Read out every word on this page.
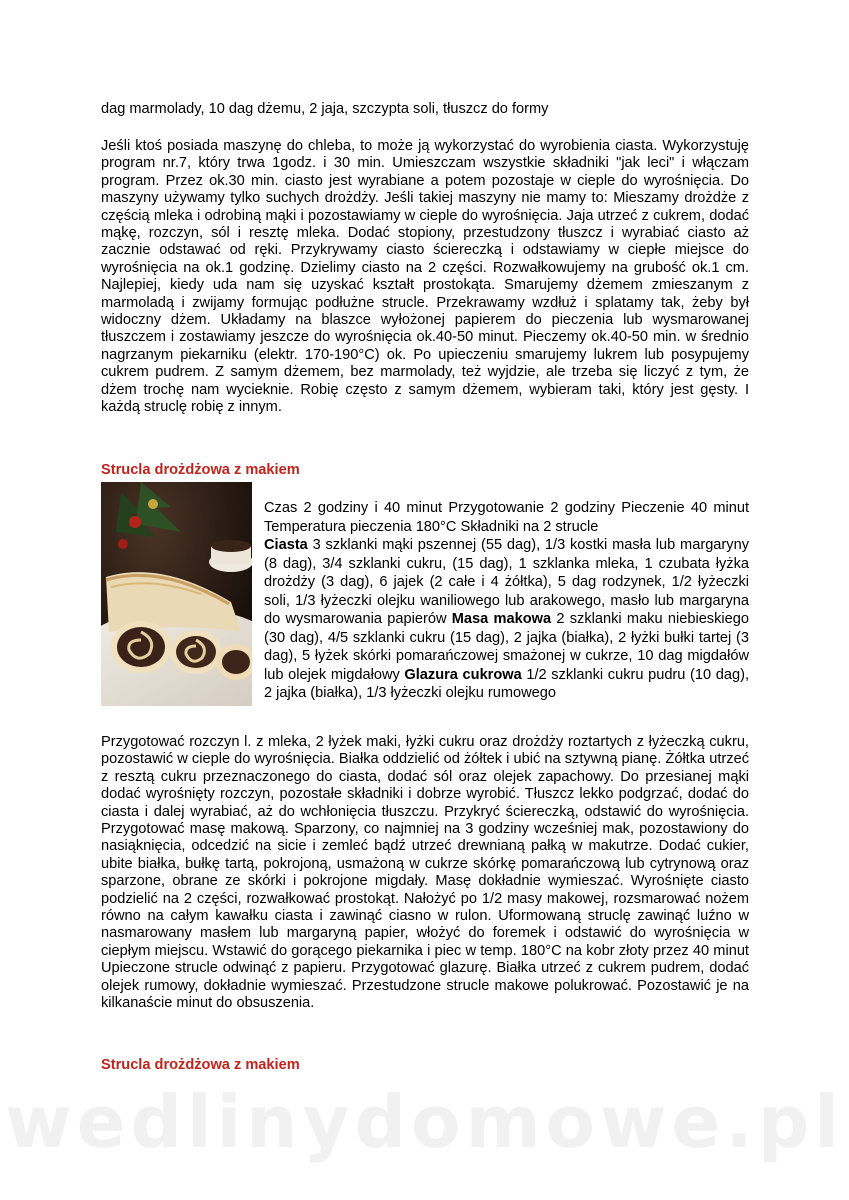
dag marmolady, 10 dag dżemu, 2 jaja, szczypta soli, tłuszcz do formy
Jeśli ktoś posiada maszynę do chleba, to może ją wykorzystać do wyrobienia ciasta. Wykorzystuję program nr.7, który trwa 1godz. i 30 min. Umieszczam wszystkie składniki "jak leci" i włączam program. Przez ok.30 min. ciasto jest wyrabiane a potem pozostaje w cieple do wyrośnięcia. Do maszyny używamy tylko suchych drożdży. Jeśli takiej maszyny nie mamy to: Mieszamy drożdże z częścią mleka i odrobiną mąki i pozostawiamy w cieple do wyrośnięcia. Jaja utrzeć z cukrem, dodać mąkę, rozczyn, sól i resztę mleka. Dodać stopiony, przestudzony tłuszcz i wyrabiać ciasto aż zacznie odstawać od ręki. Przykrywamy ciasto ściereczką i odstawiamy w ciepłe miejsce do wyrośnięcia na ok.1 godzinę. Dzielimy ciasto na 2 części. Rozwałkowujemy na grubość ok.1 cm. Najlepiej, kiedy uda nam się uzyskać kształt prostokąta. Smarujemy dżemem zmieszanym z marmoladą i zwijamy formując podłużne strucle. Przekrawamy wzdłuż i splatamy tak, żeby był widoczny dżem. Układamy na blaszce wyłożonej papierem do pieczenia lub wysmarowanej tłuszczem i zostawiamy jeszcze do wyrośnięcia ok.40-50 minut. Pieczemy ok.40-50 min. w średnio nagrzanym piekarniku (elektr. 170-190°C) ok. Po upieczeniu smarujemy lukrem lub posypujemy cukrem pudrem. Z samym dżemem, bez marmolady, też wyjdzie, ale trzeba się liczyć z tym, że dżem trochę nam wycieknie. Robię często z samym dżemem, wybieram taki, który jest gęsty. I każdą struclę robię z innym.
Strucla drożdżowa z makiem
Czas 2 godziny i 40 minut Przygotowanie 2 godziny Pieczenie 40 minut Temperatura pieczenia 180°C Składniki na 2 strucle
Ciasta 3 szklanki mąki pszennej (55 dag), 1/3 kostki masła lub margaryny (8 dag), 3/4 szklanki cukru, (15 dag), 1 szklanka mleka, 1 czubata łyżka drożdży (3 dag), 6 jajek (2 całe i 4 żółtka), 5 dag rodzynek, 1/2 łyżeczki soli, 1/3 łyżeczki olejku waniliowego lub arakowego, masło lub margaryna do wysmarowania papierów Masa makowa 2 szklanki maku niebieskiego (30 dag), 4/5 szklanki cukru (15 dag), 2 jajka (białka), 2 łyżki bułki tartej (3 dag), 5 łyżek skórki pomarańczowej smażonej w cukrze, 10 dag migdałów lub olejek migdałowy Glazura cukrowa 1/2 szklanki cukru pudru (10 dag), 2 jajka (białka), 1/3 łyżeczki olejku rumowego
Przygotować rozczyn l. z mleka, 2 łyżek maki, łyżki cukru oraz drożdży roztartych z łyżeczką cukru, pozostawić w cieple do wyrośnięcia. Białka oddzielić od żółtek i ubić na sztywną pianę. Żółtka utrzeć z resztą cukru przeznaczonego do ciasta, dodać sól oraz olejek zapachowy. Do przesianej mąki dodać wyrośnięty rozczyn, pozostałe składniki i dobrze wyrobić. Tłuszcz lekko podgrzać, dodać do ciasta i dalej wyrabiać, aż do wchłonięcia tłuszczu. Przykryć ściereczką, odstawić do wyrośnięcia. Przygotować masę makową. Sparzony, co najmniej na 3 godziny wcześniej mak, pozostawiony do nasiąknięcia, odcedzić na sicie i zemleć bądź utrzeć drewnianą pałką w makutrze. Dodać cukier, ubite białka, bułkę tartą, pokrojoną, usmażoną w cukrze skórkę pomarańczową lub cytrynową oraz sparzone, obrane ze skórki i pokrojone migdały. Masę dokładnie wymieszać. Wyrośnięte ciasto podzielić na 2 części, rozwałkować prostokąt. Nałożyć po 1/2 masy makowej, rozsmarować nożem równo na całym kawałku ciasta i zawinąć ciasno w rulon. Uformowaną struclę zawinąć luźno w nasmarowany masłem lub margaryną papier, włożyć do foremek i odstawić do wyrośnięcia w ciepłym miejscu. Wstawić do gorącego piekarnika i piec w temp. 180°C na kobr złoty przez 40 minut Upieczone strucle odwinąć z papieru. Przygotować glazurę. Białka utrzeć z cukrem pudrem, dodać olejek rumowy, dokładnie wymieszać. Przestudzone strucle makowe polukrować. Pozostawić je na kilkanaście minut do obsuszenia.
Strucla drożdżowa z makiem
wedlinydomowe.pl
